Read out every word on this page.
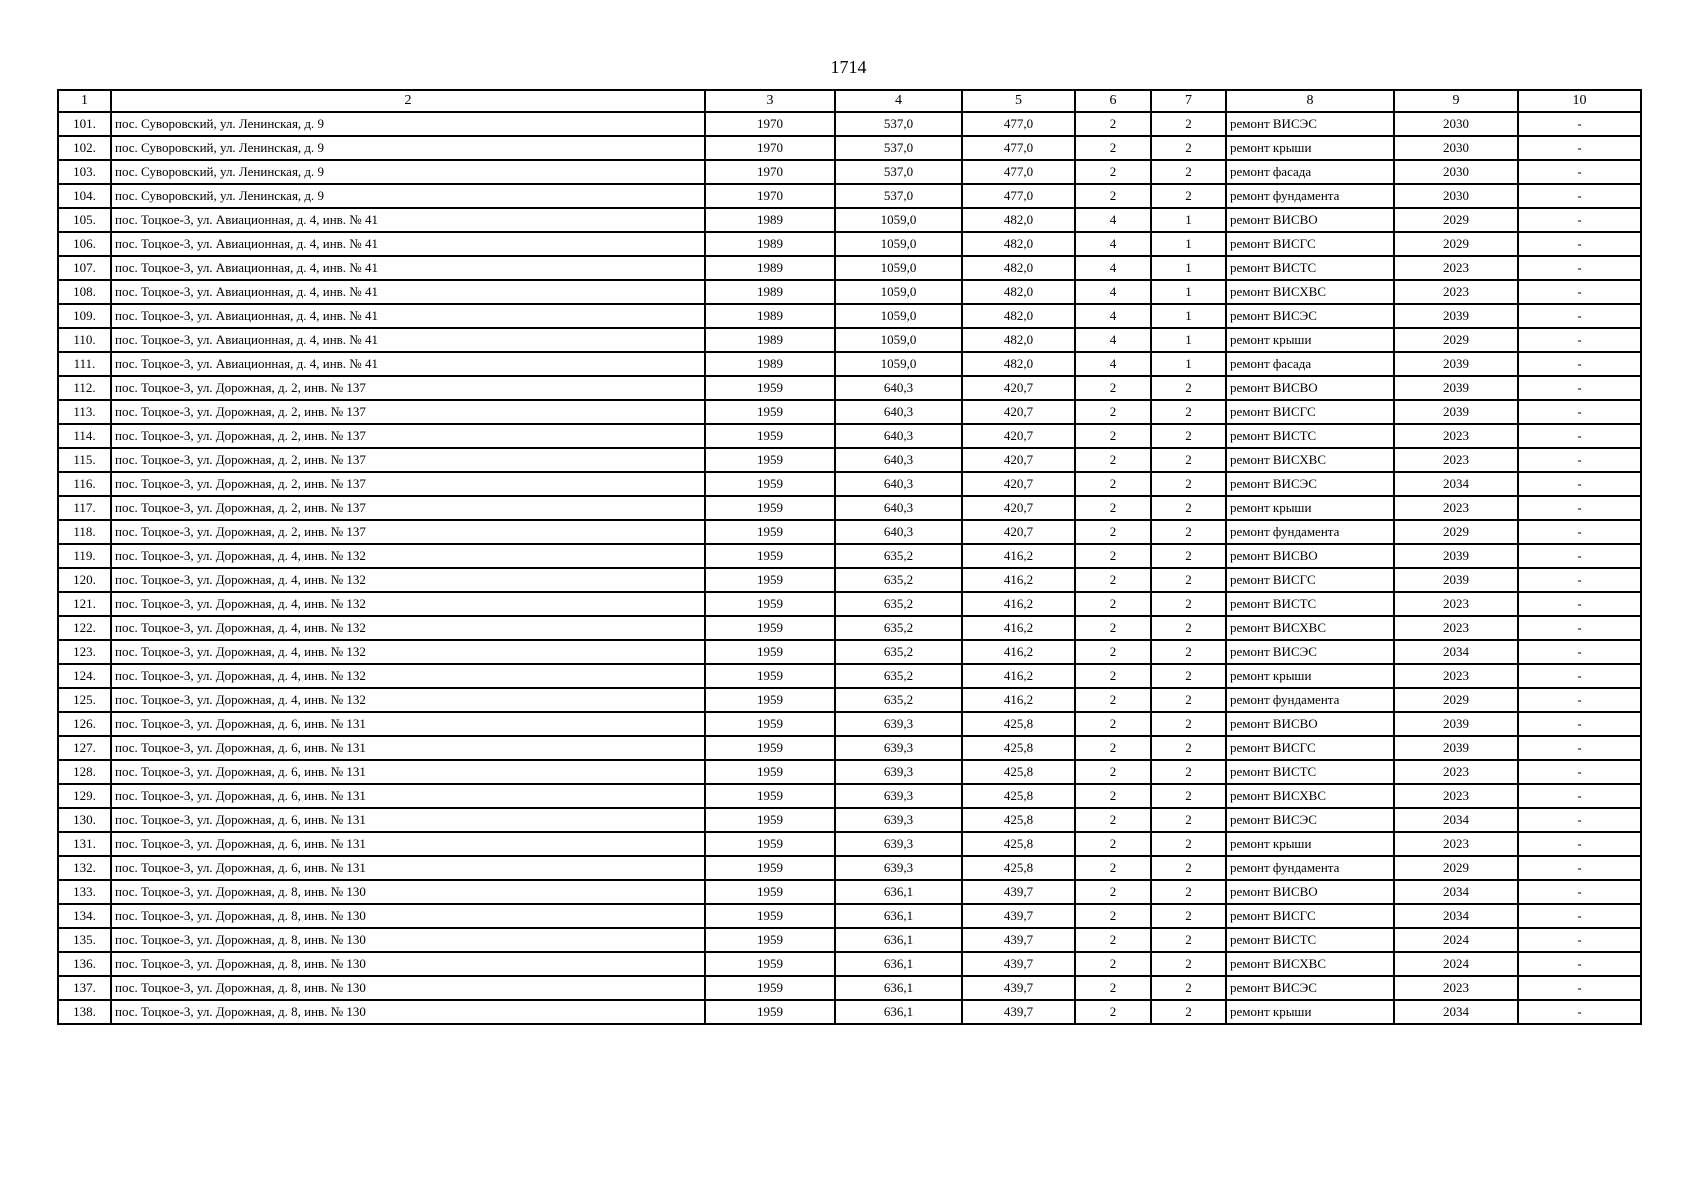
1714
1	2	3	4	5	6	7	8	9	10
101.	пос. Суворовский, ул. Ленинская, д. 9	1970	537,0	477,0	2	2	ремонт ВИСЭС	2030	-
102.	пос. Суворовский, ул. Ленинская, д. 9	1970	537,0	477,0	2	2	ремонт крыши	2030	-
103.	пос. Суворовский, ул. Ленинская, д. 9	1970	537,0	477,0	2	2	ремонт фасада	2030	-
104.	пос. Суворовский, ул. Ленинская, д. 9	1970	537,0	477,0	2	2	ремонт фундамента	2030	-
105.	пос. Тоцкое-3, ул. Авиационная, д. 4, инв. № 41	1989	1059,0	482,0	4	1	ремонт ВИСВО	2029	-
106.	пос. Тоцкое-3, ул. Авиационная, д. 4, инв. № 41	1989	1059,0	482,0	4	1	ремонт ВИСГС	2029	-
107.	пос. Тоцкое-3, ул. Авиационная, д. 4, инв. № 41	1989	1059,0	482,0	4	1	ремонт ВИСТС	2023	-
108.	пос. Тоцкое-3, ул. Авиационная, д. 4, инв. № 41	1989	1059,0	482,0	4	1	ремонт ВИСХВС	2023	-
109.	пос. Тоцкое-3, ул. Авиационная, д. 4, инв. № 41	1989	1059,0	482,0	4	1	ремонт ВИСЭС	2039	-
110.	пос. Тоцкое-3, ул. Авиационная, д. 4, инв. № 41	1989	1059,0	482,0	4	1	ремонт крыши	2029	-
111.	пос. Тоцкое-3, ул. Авиационная, д. 4, инв. № 41	1989	1059,0	482,0	4	1	ремонт фасада	2039	-
112.	пос. Тоцкое-3, ул. Дорожная, д. 2, инв. № 137	1959	640,3	420,7	2	2	ремонт ВИСВО	2039	-
113.	пос. Тоцкое-3, ул. Дорожная, д. 2, инв. № 137	1959	640,3	420,7	2	2	ремонт ВИСГС	2039	-
114.	пос. Тоцкое-3, ул. Дорожная, д. 2, инв. № 137	1959	640,3	420,7	2	2	ремонт ВИСТС	2023	-
115.	пос. Тоцкое-3, ул. Дорожная, д. 2, инв. № 137	1959	640,3	420,7	2	2	ремонт ВИСХВС	2023	-
116.	пос. Тоцкое-3, ул. Дорожная, д. 2, инв. № 137	1959	640,3	420,7	2	2	ремонт ВИСЭС	2034	-
117.	пос. Тоцкое-3, ул. Дорожная, д. 2, инв. № 137	1959	640,3	420,7	2	2	ремонт крыши	2023	-
118.	пос. Тоцкое-3, ул. Дорожная, д. 2, инв. № 137	1959	640,3	420,7	2	2	ремонт фундамента	2029	-
119.	пос. Тоцкое-3, ул. Дорожная, д. 4, инв. № 132	1959	635,2	416,2	2	2	ремонт ВИСВО	2039	-
120.	пос. Тоцкое-3, ул. Дорожная, д. 4, инв. № 132	1959	635,2	416,2	2	2	ремонт ВИСГС	2039	-
121.	пос. Тоцкое-3, ул. Дорожная, д. 4, инв. № 132	1959	635,2	416,2	2	2	ремонт ВИСТС	2023	-
122.	пос. Тоцкое-3, ул. Дорожная, д. 4, инв. № 132	1959	635,2	416,2	2	2	ремонт ВИСХВС	2023	-
123.	пос. Тоцкое-3, ул. Дорожная, д. 4, инв. № 132	1959	635,2	416,2	2	2	ремонт ВИСЭС	2034	-
124.	пос. Тоцкое-3, ул. Дорожная, д. 4, инв. № 132	1959	635,2	416,2	2	2	ремонт крыши	2023	-
125.	пос. Тоцкое-3, ул. Дорожная, д. 4, инв. № 132	1959	635,2	416,2	2	2	ремонт фундамента	2029	-
126.	пос. Тоцкое-3, ул. Дорожная, д. 6, инв. № 131	1959	639,3	425,8	2	2	ремонт ВИСВО	2039	-
127.	пос. Тоцкое-3, ул. Дорожная, д. 6, инв. № 131	1959	639,3	425,8	2	2	ремонт ВИСГС	2039	-
128.	пос. Тоцкое-3, ул. Дорожная, д. 6, инв. № 131	1959	639,3	425,8	2	2	ремонт ВИСТС	2023	-
129.	пос. Тоцкое-3, ул. Дорожная, д. 6, инв. № 131	1959	639,3	425,8	2	2	ремонт ВИСХВС	2023	-
130.	пос. Тоцкое-3, ул. Дорожная, д. 6, инв. № 131	1959	639,3	425,8	2	2	ремонт ВИСЭС	2034	-
131.	пос. Тоцкое-3, ул. Дорожная, д. 6, инв. № 131	1959	639,3	425,8	2	2	ремонт крыши	2023	-
132.	пос. Тоцкое-3, ул. Дорожная, д. 6, инв. № 131	1959	639,3	425,8	2	2	ремонт фундамента	2029	-
133.	пос. Тоцкое-3, ул. Дорожная, д. 8, инв. № 130	1959	636,1	439,7	2	2	ремонт ВИСВО	2034	-
134.	пос. Тоцкое-3, ул. Дорожная, д. 8, инв. № 130	1959	636,1	439,7	2	2	ремонт ВИСГС	2034	-
135.	пос. Тоцкое-3, ул. Дорожная, д. 8, инв. № 130	1959	636,1	439,7	2	2	ремонт ВИСТС	2024	-
136.	пос. Тоцкое-3, ул. Дорожная, д. 8, инв. № 130	1959	636,1	439,7	2	2	ремонт ВИСХВС	2024	-
137.	пос. Тоцкое-3, ул. Дорожная, д. 8, инв. № 130	1959	636,1	439,7	2	2	ремонт ВИСЭС	2023	-
138.	пос. Тоцкое-3, ул. Дорожная, д. 8, инв. № 130	1959	636,1	439,7	2	2	ремонт крыши	2034	-
